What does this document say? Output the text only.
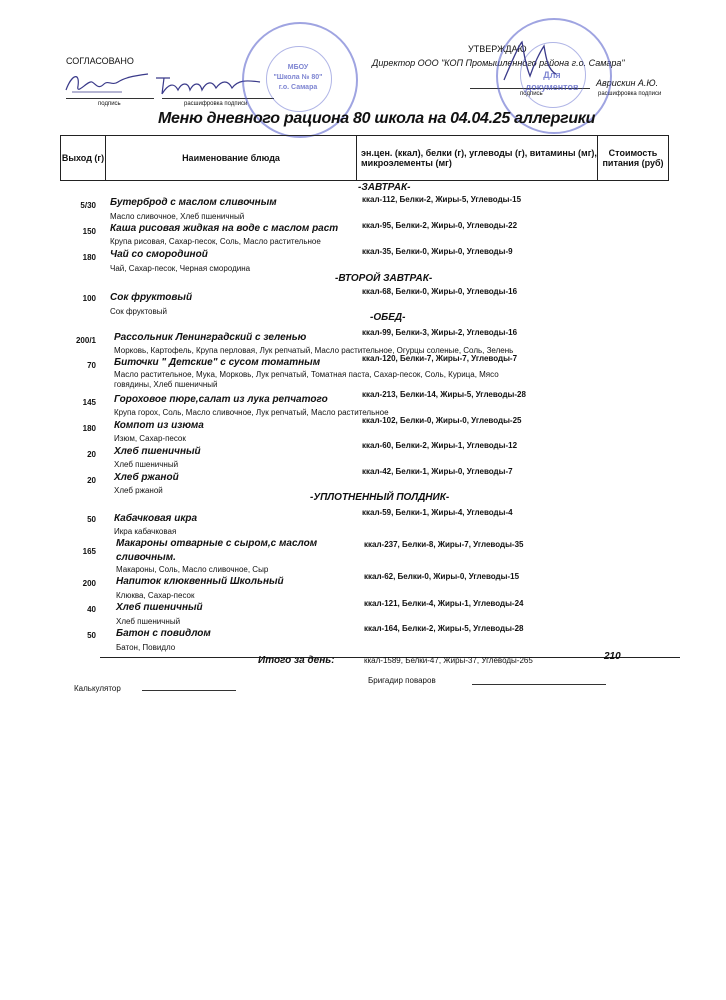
СОГЛАСОВАНО
подпись	расшифровка подписи
МБОУ
"Школа № 80"
г.о. Самара
УТВЕРЖДАЮ
Директор ООО "КОП Промышленного района г.о. Самара"
Аврискин А.Ю.
подпись	расшифровка подписи
Для
документов
Меню дневного рациона 80 школа на 04.04.25 аллергики
Выход (г)	Наименование блюда	эн.цен. (ккал), белки (г), углеводы (г), витамины (мг), микроэлементы (мг)	Стоимость питания (руб)
-ЗАВТРАК-
5/30 Бутерброд с маслом сливочным
Масло сливочное, Хлеб пшеничный
ккал-112, Белки-2, Жиры-5, Углеводы-15
150 Каша рисовая жидкая на воде с маслом раст
Крупа рисовая, Сахар-песок, Соль, Масло растительное
ккал-95, Белки-2, Жиры-0, Углеводы-22
180 Чай со смородиной
Чай, Сахар-песок, Черная смородина
ккал-35, Белки-0, Жиры-0, Углеводы-9
-ВТОРОЙ ЗАВТРАК-
100 Сок фруктовый
Сок фруктовый
ккал-68, Белки-0, Жиры-0, Углеводы-16
-ОБЕД-
200/1 Рассольник Ленинградский с зеленью
Морковь, Картофель, Крупа перловая, Лук репчатый, Масло растительное, Огурцы соленые, Соль, Зелень
ккал-99, Белки-3, Жиры-2, Углеводы-16
70 Биточки " Детские" с сусом томатным
Масло растительное, Мука, Морковь, Лук репчатый, Томатная паста, Сахар-песок, Соль, Курица, Мясо говядины, Хлеб пшеничный
ккал-120, Белки-7, Жиры-7, Углеводы-7
145 Гороховое пюре,салат из лука репчатого
Крупа горох, Соль, Масло сливочное, Лук репчатый, Масло растительное
ккал-213, Белки-14, Жиры-5, Углеводы-28
180 Компот из изюма
Изюм, Сахар-песок
ккал-102, Белки-0, Жиры-0, Углеводы-25
20 Хлеб пшеничный
Хлеб пшеничный
ккал-60, Белки-2, Жиры-1, Углеводы-12
20 Хлеб ржаной
Хлеб ржаной
ккал-42, Белки-1, Жиры-0, Углеводы-7
-УПЛОТНЕННЫЙ ПОЛДНИК-
50 Кабачковая икра
Икра кабачковая
ккал-59, Белки-1, Жиры-4, Углеводы-4
165
Макароны отварные с сыром,с маслом сливочным.
Макароны, Соль, Масло сливочное, Сыр
ккал-237, Белки-8, Жиры-7, Углеводы-35
200 Напиток клюквенный Школьный
Клюква, Сахар-песок
ккал-62, Белки-0, Жиры-0, Углеводы-15
40 Хлеб пшеничный
Хлеб пшеничный
ккал-121, Белки-4, Жиры-1, Углеводы-24
50 Батон с повидлом
Батон, Повидло
ккал-164, Белки-2, Жиры-5, Углеводы-28
Итого за день:	ккал-1589, Белки-47, Жиры-37, Углеводы-265	210
Калькулятор
Бригадир поваров
